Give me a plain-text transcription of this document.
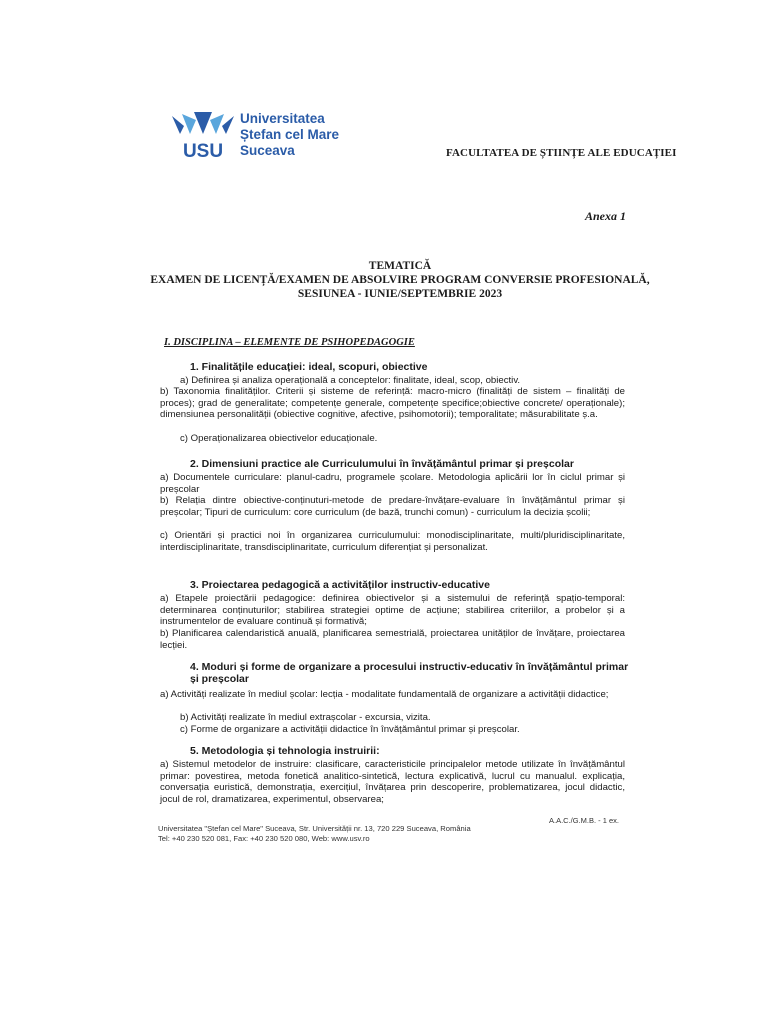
USU
Universitatea
Ștefan cel Mare
Suceava	FACULTATEA DE ȘTIINȚE ALE EDUCAȚIEI
Anexa 1
TEMATICĂ
EXAMEN DE LICENȚĂ/EXAMEN DE ABSOLVIRE PROGRAM CONVERSIE PROFESIONALĂ,
SESIUNEA - IUNIE/SEPTEMBRIE 2023
I. DISCIPLINA – ELEMENTE DE PSIHOPEDAGOGIE
1. Finalitățile educației: ideal, scopuri, obiective
a) Definirea și analiza operațională a conceptelor: finalitate, ideal, scop, obiectiv.
b) Taxonomia finalităților. Criterii și sisteme de referință: macro-micro (finalități de sistem – finalități de proces); grad de generalitate; competențe generale, competențe specifice;obiective concrete/ operaționale); dimensiunea personalității (obiective cognitive, afective, psihomotorii); temporalitate; măsurabilitate ș.a.
c) Operaționalizarea obiectivelor educaționale.
2. Dimensiuni practice ale Curriculumului în învățământul primar și preșcolar
a) Documentele curriculare: planul-cadru, programele școlare. Metodologia aplicării lor în ciclul primar și preșcolar
b) Relația dintre obiective-conținuturi-metode de predare-învățare-evaluare în învățământul primar și preșcolar; Tipuri de curriculum: core curriculum (de bază, trunchi comun) - curriculum la decizia școlii;
c) Orientări și practici noi în organizarea curriculumului: monodisciplinaritate, multi/pluridisciplinaritate, interdisciplinaritate, transdisciplinaritate, curriculum diferențiat și personalizat.
3. Proiectarea pedagogică a activităților instructiv-educative
a) Etapele proiectării pedagogice: definirea obiectivelor și a sistemului de referință spațio-temporal: determinarea conținuturilor; stabilirea strategiei optime de acțiune; stabilirea criteriilor, a probelor și a instrumentelor de evaluare continuă și formativă;
b) Planificarea calendaristică anuală, planificarea semestrială, proiectarea unităților de învățare, proiectarea lecției.
4. Moduri și forme de organizare a procesului instructiv-educativ în învățământul primar și preșcolar
a) Activități realizate în mediul școlar: lecția - modalitate fundamentală de organizare a activității didactice;
b) Activități realizate în mediul extrașcolar - excursia, vizita.
c) Forme de organizare a activității didactice în învățământul primar și preșcolar.
5. Metodologia și tehnologia instruirii:
a) Sistemul metodelor de instruire: clasificare, caracteristicile principalelor metode utilizate în învățământul primar: povestirea, metoda fonetică analitico-sintetică, lectura explicativă, lucrul cu manualul. explicația, conversația euristică, demonstrația, exercițiul, învățarea prin descoperire, problematizarea, jocul didactic, jocul de rol, dramatizarea, experimentul, observarea;
A.A.C./G.M.B. - 1 ex.
Universitatea "Ștefan cel Mare" Suceava, Str. Universității nr. 13, 720 229 Suceava, România
Tel: +40 230 520 081, Fax: +40 230 520 080, Web: www.usv.ro
